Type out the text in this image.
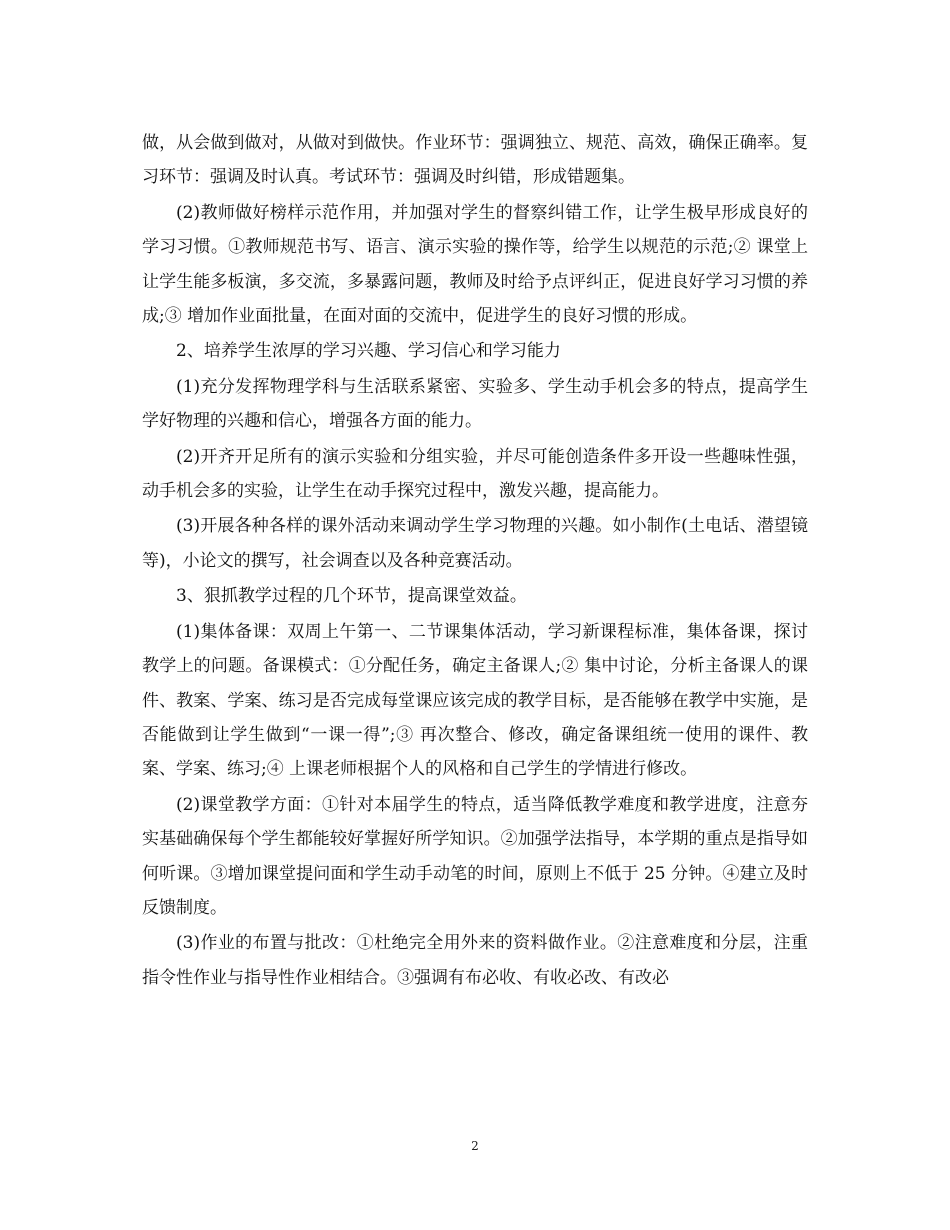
做，从会做到做对，从做对到做快。作业环节：强调独立、规范、高效，确保正确率。复习环节：强调及时认真。考试环节：强调及时纠错，形成错题集。

(2)教师做好榜样示范作用，并加强对学生的督察纠错工作，让学生极早形成良好的学习习惯。①教师规范书写、语言、演示实验的操作等，给学生以规范的示范;② 课堂上让学生能多板演，多交流，多暴露问题，教师及时给予点评纠正，促进良好学习习惯的养成;③ 增加作业面批量，在面对面的交流中，促进学生的良好习惯的形成。

2、培养学生浓厚的学习兴趣、学习信心和学习能力

(1)充分发挥物理学科与生活联系紧密、实验多、学生动手机会多的特点，提高学生学好物理的兴趣和信心，增强各方面的能力。

(2)开齐开足所有的演示实验和分组实验，并尽可能创造条件多开设一些趣味性强，动手机会多的实验，让学生在动手探究过程中，激发兴趣，提高能力。

(3)开展各种各样的课外活动来调动学生学习物理的兴趣。如小制作(土电话、潜望镜等)，小论文的撰写，社会调查以及各种竞赛活动。

3、狠抓教学过程的几个环节，提高课堂效益。

(1)集体备课：双周上午第一、二节课集体活动，学习新课程标准，集体备课，探讨教学上的问题。备课模式：①分配任务，确定主备课人;② 集中讨论，分析主备课人的课件、教案、学案、练习是否完成每堂课应该完成的教学目标，是否能够在教学中实施，是否能做到让学生做到“一课一得”;③ 再次整合、修改，确定备课组统一使用的课件、教案、学案、练习;④ 上课老师根据个人的风格和自己学生的学情进行修改。

(2)课堂教学方面：①针对本届学生的特点，适当降低教学难度和教学进度，注意夯实基础确保每个学生都能较好掌握好所学知识。②加强学法指导，本学期的重点是指导如何听课。③增加课堂提问面和学生动手动笔的时间，原则上不低于 25 分钟。④建立及时反馈制度。

(3)作业的布置与批改：①杜绝完全用外来的资料做作业。②注意难度和分层，注重指令性作业与指导性作业相结合。③强调有布必收、有收必改、有改必

2
